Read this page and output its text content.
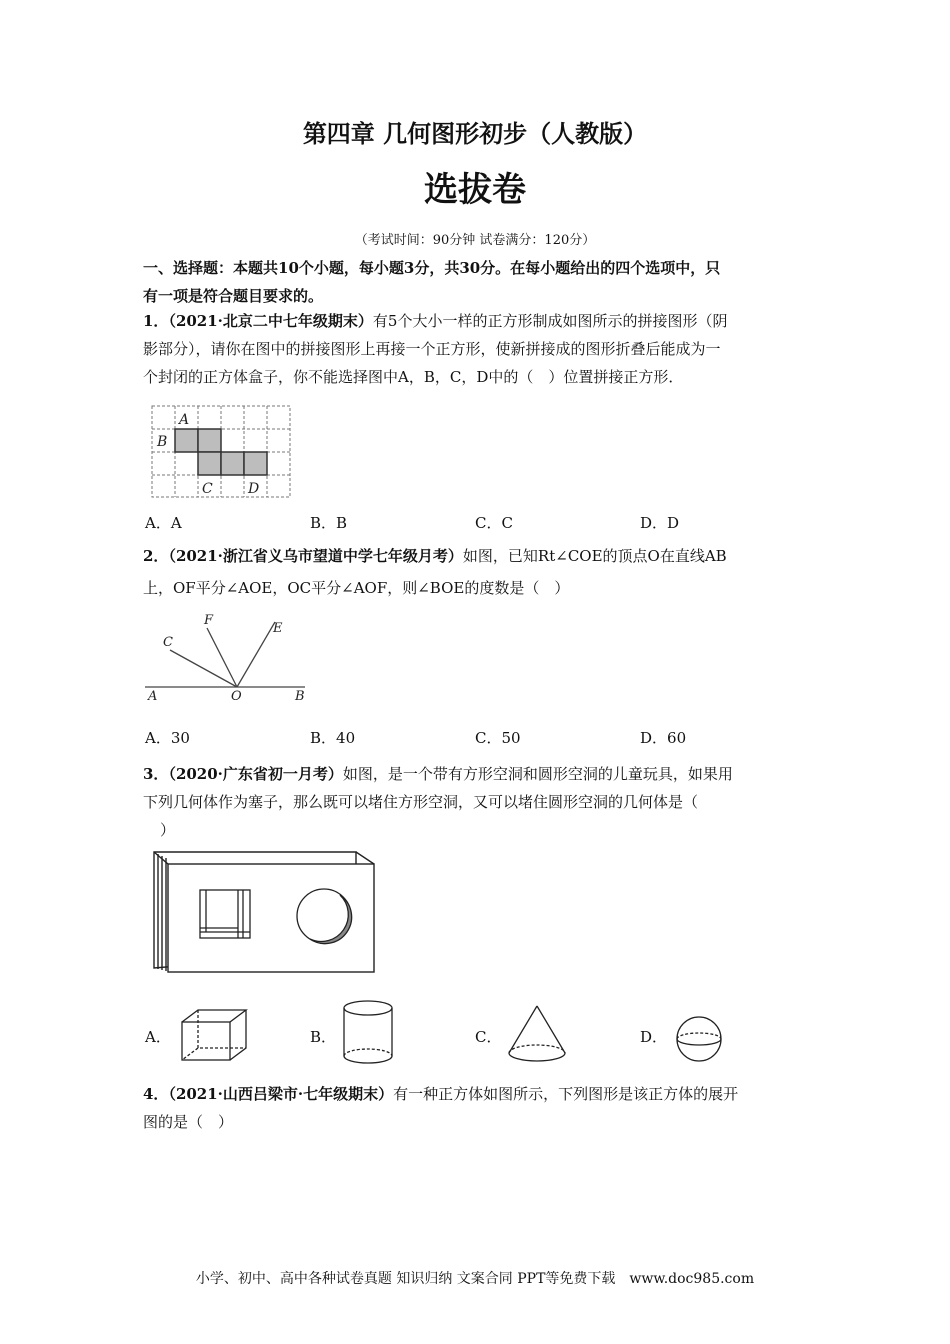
第四章 几何图形初步（人教版）
选拔卷
（考试时间：90分钟 试卷满分：120分）
一、选择题：本题共10个小题，每小题3分，共30分。在每小题给出的四个选项中，只
有一项是符合题目要求的。
1．（2021·北京二中七年级期末）有5个大小一样的正方形制成如图所示的拼接图形（阴
影部分），请你在图中的拼接图形上再接一个正方形，使新拼接成的图形折叠后能成为一
个封闭的正方体盒子，你不能选择图中A，B，C，D中的（　）位置拼接正方形．
A
B
C	D
A．A	B．B	C．C	D．D
2．（2021·浙江省义乌市望道中学七年级月考）如图，已知Rt∠COE的顶点O在直线AB
上，OF平分∠AOE，OC平分∠AOF，则∠BOE的度数是（　）
C
F
E
A	O	B
A．30	B．40	C．50	D．60
3．（2020·广东省初一月考）如图，是一个带有方形空洞和圆形空洞的儿童玩具，如果用
下列几何体作为塞子，那么既可以堵住方形空洞，又可以堵住圆形空洞的几何体是（
）
A．	B．	C．	D．
4．（2021·山西吕梁市·七年级期末）有一种正方体如图所示，下列图形是该正方体的展开
图的是（　）
小学、初中、高中各种试卷真题 知识归纳 文案合同 PPT等免费下载　www.doc985.com
